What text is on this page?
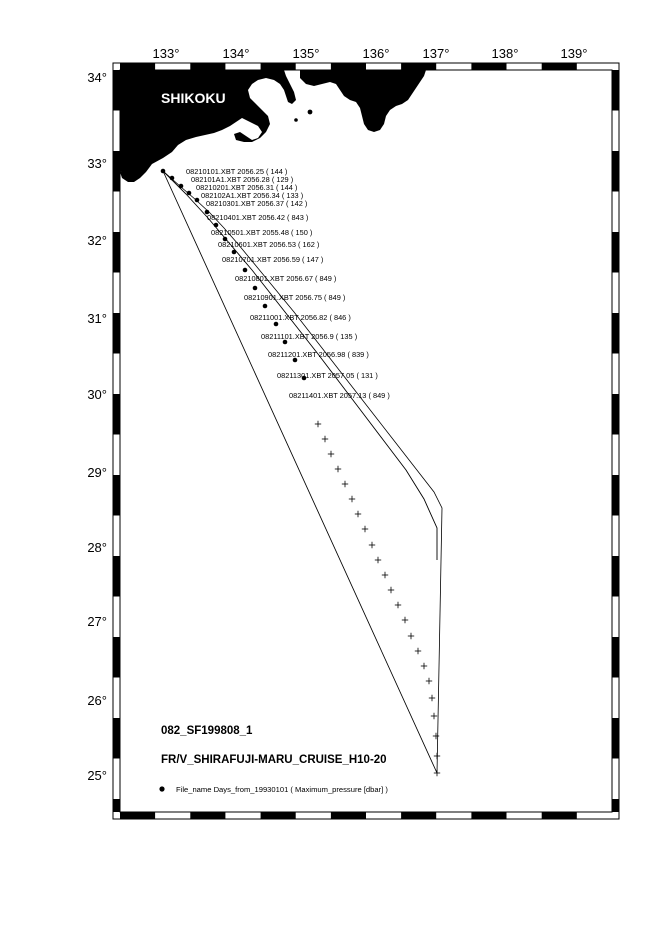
08210101.XBT 2056.25 ( 144 )
082101A1.XBT 2056.28 ( 129 )
08210201.XBT 2056.31 ( 144 )
082102A1.XBT 2056.34 ( 133 )
08210301.XBT 2056.37 ( 142 )
08210401.XBT 2056.42 ( 843 )
08210501.XBT 2055.48 ( 150 )
08210601.XBT 2056.53 ( 162 )
08210701.XBT 2056.59 ( 147 )
08210801.XBT 2056.67 ( 849 )
08210901.XBT 2056.75 ( 849 )
08211001.XBT 2056.82 ( 846 )
08211101.XBT 2056.9 ( 135 )
08211201.XBT 2056.98 ( 839 )
08211301.XBT 2057.05 ( 131 )
08211401.XBT 2057.13 ( 849 )
SHIKOKU
133°	134°	135°	136°	137°	138°	139°
25°
26°
27°
28°
29°
30°
31°
32°
33°
34°
082_SF199808_1
FR/V_SHIRAFUJI-MARU_CRUISE_H10-20
File_name Days_from_19930101 ( Maximum_pressure [dbar] )
